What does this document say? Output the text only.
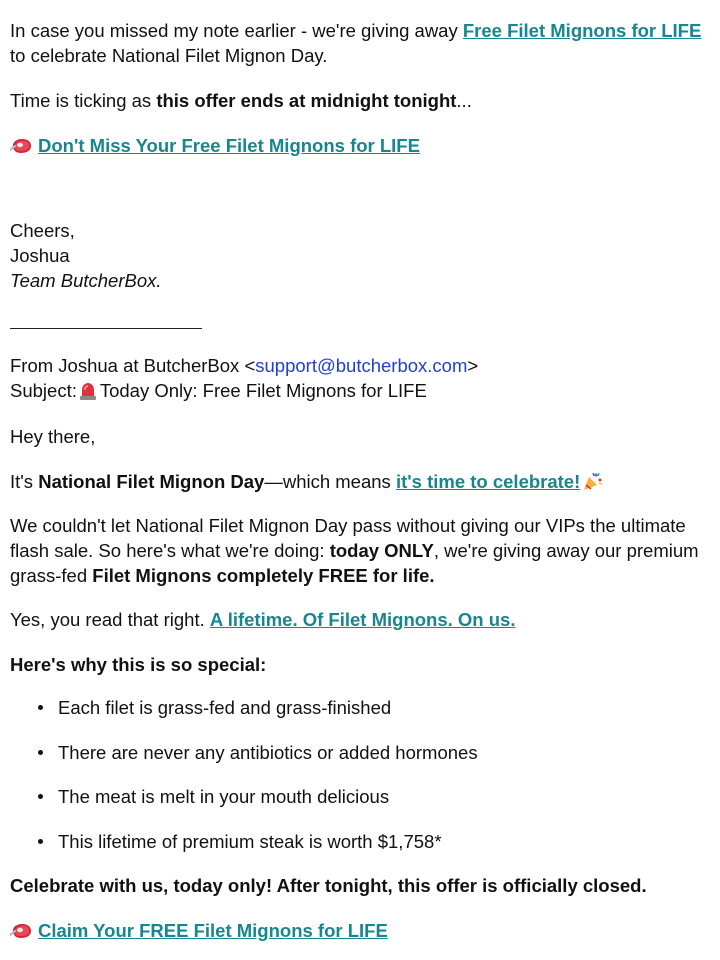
In case you missed my note earlier - we're giving away Free Filet Mignons for LIFE to celebrate National Filet Mignon Day.

Time is ticking as this offer ends at midnight tonight...

Don't Miss Your Free Filet Mignons for LIFE

Cheers,
Joshua
Team ButcherBox.
From Joshua at ButcherBox <support@butcherbox.com>
Subject: Today Only: Free Filet Mignons for LIFE

Hey there,

It's National Filet Mignon Day—which means it's time to celebrate!

We couldn't let National Filet Mignon Day pass without giving our VIPs the ultimate flash sale. So here's what we're doing: today ONLY, we're giving away our premium grass-fed Filet Mignons completely FREE for life.

Yes, you read that right. A lifetime. Of Filet Mignons. On us.

Here's why this is so special:

Each filet is grass-fed and grass-finished
There are never any antibiotics or added hormones
The meat is melt in your mouth delicious
This lifetime of premium steak is worth $1,758*

Celebrate with us, today only! After tonight, this offer is officially closed.

Claim Your FREE Filet Mignons for LIFE
